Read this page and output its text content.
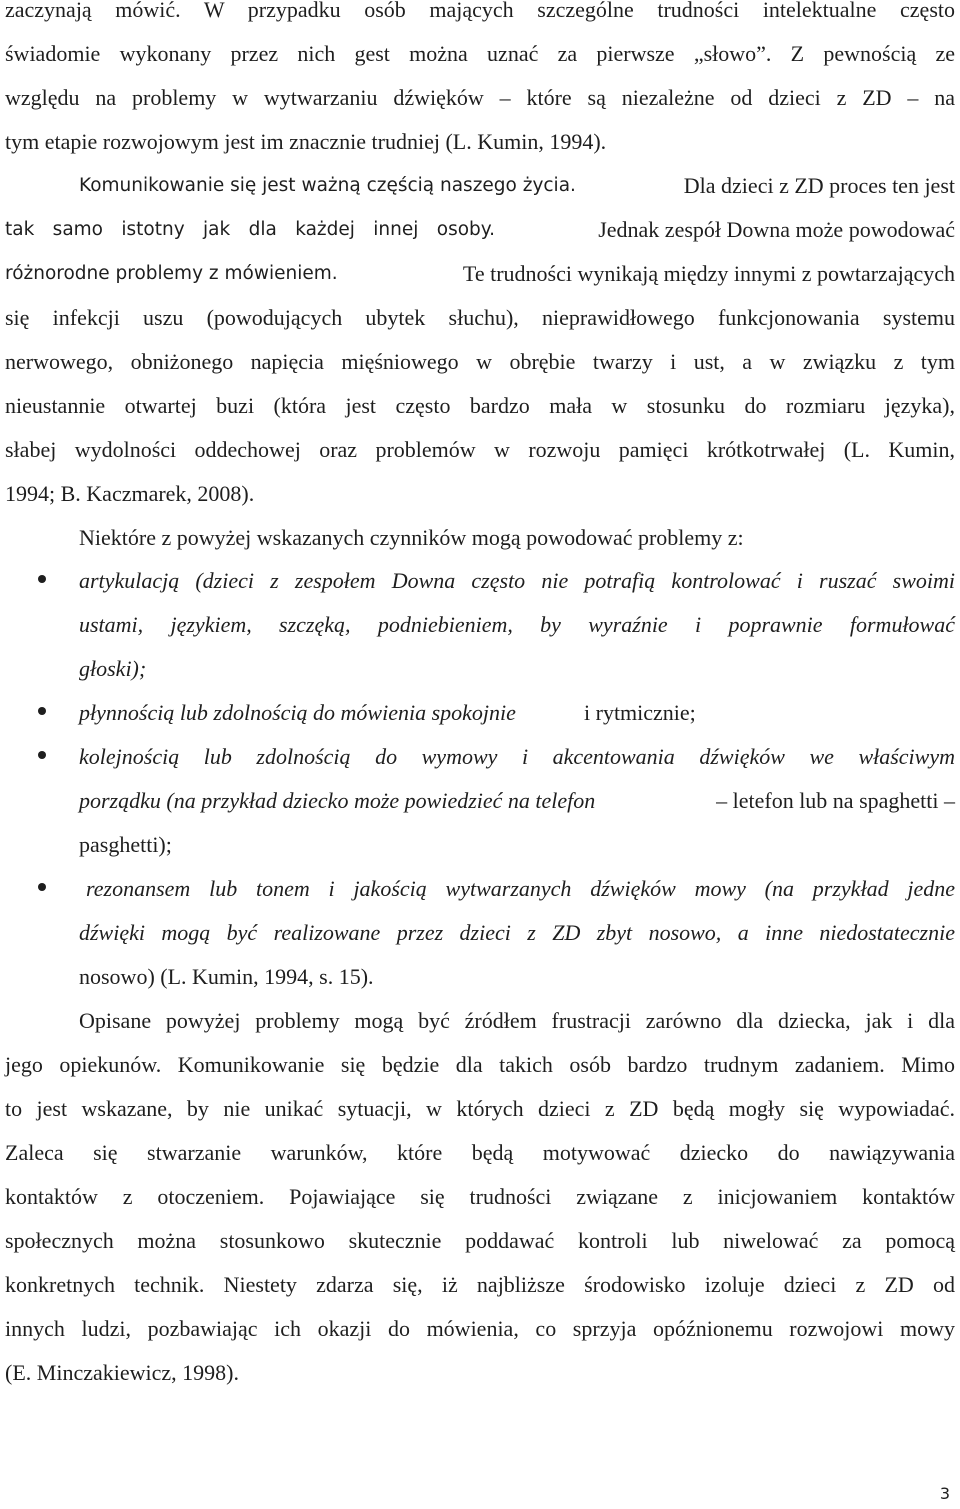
zaczynają mówić. W przypadku osób mających szczególne trudności intelektualne często

świadomie wykonany przez nich gest można uznać za pierwsze „słowo”. Z pewnością ze

względu na problemy w wytwarzaniu dźwięków – które są niezależne od dzieci z ZD – na

tym etapie rozwojowym jest im znacznie trudniej (L. Kumin, 1994).

Komunikowanie się jest ważną częścią naszego życia.	Dla dzieci z ZD proces ten jest

tak samo istotny jak dla każdej innej osoby.	Jednak zespół Downa może powodować

różnorodne problemy z mówieniem.	Te trudności wynikają między innymi z powtarzających

się infekcji uszu (powodujących ubytek słuchu), nieprawidłowego funkcjonowania systemu

nerwowego, obniżonego napięcia mięśniowego w obrębie twarzy i ust, a w związku z tym

nieustannie otwartej buzi (która jest często bardzo mała w stosunku do rozmiaru języka),

słabej wydolności oddechowej oraz problemów w rozwoju pamięci krótkotrwałej (L. Kumin,

1994; B. Kaczmarek, 2008).

Niektóre z powyżej wskazanych czynników mogą powodować problemy z:

artykulacją (dzieci z zespołem Downa często nie potrafią kontrolować i ruszać swoimi

ustami, językiem, szczęką, podniebieniem, by wyraźnie i poprawnie formułować

głoski);

płynnością lub zdolnością do mówienia spokojnie	i rytmicznie;

kolejnością lub zdolnością do wymowy i akcentowania dźwięków we właściwym

porządku (na przykład dziecko może powiedzieć na telefon	– letefon lub na spaghetti –

pasghetti);

rezonansem lub tonem i jakością wytwarzanych dźwięków mowy (na przykład jedne

dźwięki mogą być realizowane przez dzieci z ZD zbyt nosowo, a inne niedostatecznie

nosowo) (L. Kumin, 1994, s. 15).

Opisane powyżej problemy mogą być źródłem frustracji zarówno dla dziecka, jak i dla

jego opiekunów. Komunikowanie się będzie dla takich osób bardzo trudnym zadaniem. Mimo

to jest wskazane, by nie unikać sytuacji, w których dzieci z ZD będą mogły się wypowiadać.

Zaleca się stwarzanie warunków, które będą motywować dziecko do nawiązywania

kontaktów z otoczeniem. Pojawiające się trudności związane z inicjowaniem kontaktów

społecznych można stosunkowo skutecznie poddawać kontroli lub niwelować za pomocą

konkretnych technik. Niestety zdarza się, iż najbliższe środowisko izoluje dzieci z ZD od

innych ludzi, pozbawiając ich okazji do mówienia, co sprzyja opóźnionemu rozwojowi mowy

(E. Minczakiewicz, 1998).

3
